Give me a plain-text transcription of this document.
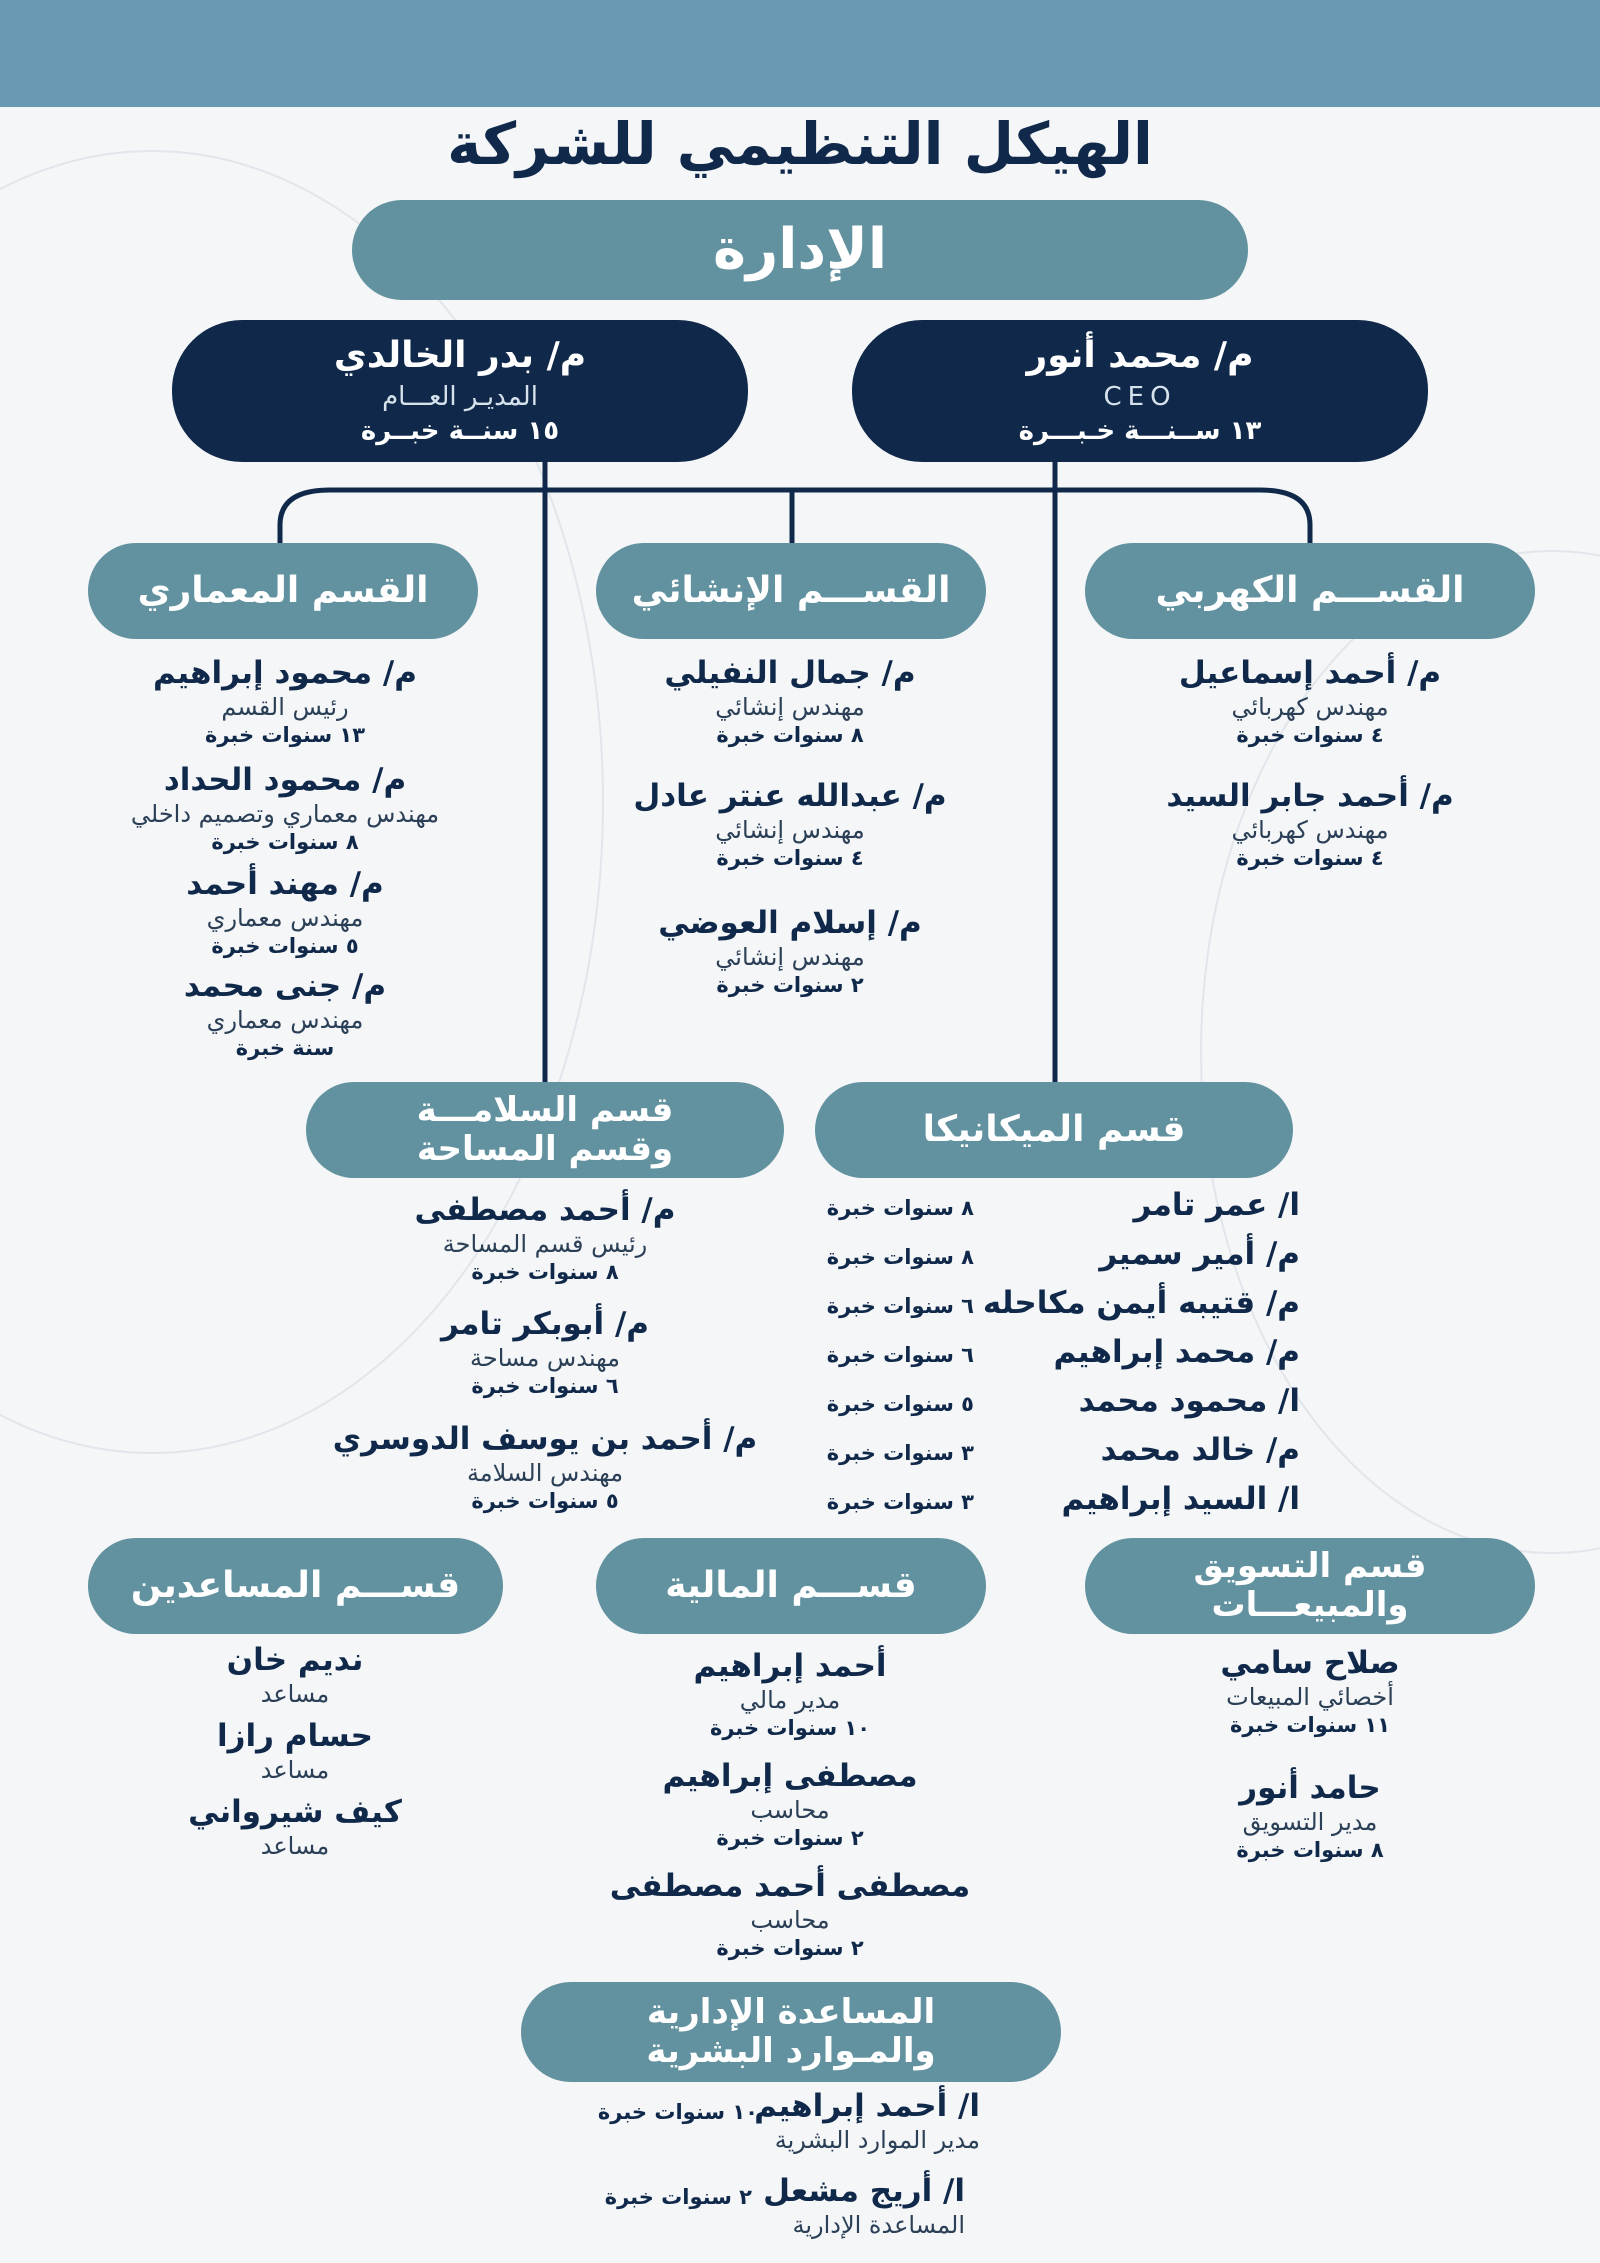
الهيكل التنظيمي للشركة
الإدارة
م/ محمد أنور
CEO
١٣ ســنـــة خـبـــرة
م/ بدر الخالدي
المديـر العـــام
١٥ سنــة خبــرة
القســـم الكهربي
القســـم الإنشائي
القسم المعماري
م/ أحمد إسماعيل
مهندس كهربائي
٤ سنوات خبرة
م/ أحمد جابر السيد
مهندس كهربائي
٤ سنوات خبرة
م/ جمال النفيلي
مهندس إنشائي
٨ سنوات خبرة
م/ عبدالله عنتر عادل
مهندس إنشائي
٤ سنوات خبرة
م/ إسلام العوضي
مهندس إنشائي
٢ سنوات خبرة
م/ محمود إبراهيم
رئيس القسم
١٣ سنوات خبرة
م/ محمود الحداد
مهندس معماري وتصميم داخلي
٨ سنوات خبرة
م/ مهند أحمد
مهندس معماري
٥ سنوات خبرة
م/ جنى محمد
مهندس معماري
سنة خبرة
قسم الميكانيكا
قسم السلامـــة
وقسم المساحة
ا/ عمر تامر
٨ سنوات خبرة
م/ أمير سمير
٨ سنوات خبرة
م/ قتيبه أيمن مكاحله
٦ سنوات خبرة
م/ محمد إبراهيم
٦ سنوات خبرة
ا/ محمود محمد
٥ سنوات خبرة
م/ خالد محمد
٣ سنوات خبرة
ا/ السيد إبراهيم
٣ سنوات خبرة
م/ أحمد مصطفى
رئيس قسم المساحة
٨ سنوات خبرة
م/ أبوبكر تامر
مهندس مساحة
٦ سنوات خبرة
م/ أحمد بن يوسف الدوسري
مهندس السلامة
٥ سنوات خبرة
قسم التسويق
والمبيعـــات
قســـم المالية
قســـم المساعدين
صلاح سامي
أخصائي المبيعات
١١ سنوات خبرة
حامد أنور
مدير التسويق
٨ سنوات خبرة
أحمد إبراهيم
مدير مالي
١٠ سنوات خبرة
مصطفى إبراهيم
محاسب
٢ سنوات خبرة
مصطفى أحمد مصطفى
محاسب
٢ سنوات خبرة
نديم خان
مساعد
حسام رازا
مساعد
كيف شيرواني
مساعد
المساعدة الإدارية
والمـوارد البشرية
ا/ أحمد إبراهيم
مدير الموارد البشرية
١٠ سنوات خبرة
ا/ أريج مشعل
المساعدة الإدارية
٢ سنوات خبرة
